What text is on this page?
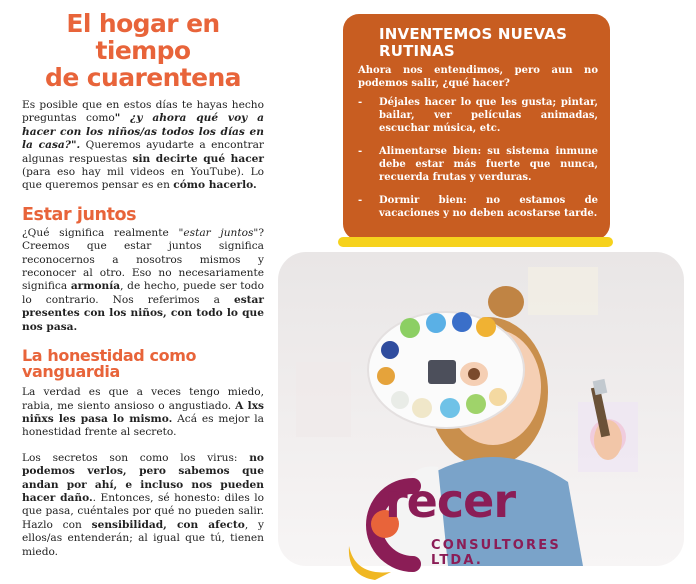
El hogar en tiempo
de cuarentena

Es posible que en estos días te hayas hecho preguntas como" ¿y ahora qué voy a hacer con los niños/as todos los días en la casa?". Queremos ayudarte a encontrar algunas respuestas sin decirte qué hacer (para eso hay mil videos en YouTube). Lo que queremos pensar es en cómo hacerlo.

Estar juntos

¿Qué significa realmente "estar juntos"? Creemos que estar juntos significa reconocernos a nosotros mismos y reconocer al otro. Eso no necesariamente significa armonía, de hecho, puede ser todo lo contrario. Nos referimos a estar presentes con los niños, con todo lo que nos pasa.

La honestidad como
vanguardia

La verdad es que a veces tengo miedo, rabia, me siento ansioso o angustiado. A lxs niñxs les pasa lo mismo. Acá es mejor la honestidad frente al secreto.

Los secretos son como los virus: no podemos verlos, pero sabemos que andan por ahí, e incluso nos pueden hacer daño.. Entonces, sé honesto: diles lo que pasa, cuéntales por qué no pueden salir. Hazlo con sensibilidad, con afecto, y ellos/as entenderán; al igual que tú, tienen miedo.

INVENTEMOS NUEVAS
RUTINAS

Ahora nos entendimos, pero aun no podemos salir, ¿qué hacer?

- Déjales hacer lo que les gusta; pintar, bailar, ver películas animadas, escuchar música, etc.
- Alimentarse bien: su sistema inmune debe estar más fuerte que nunca, recuerda frutas y verduras.
- Dormir bien: no estamos de vacaciones y no deben acostarse tarde.
recer
CONSULTORES LTDA.
